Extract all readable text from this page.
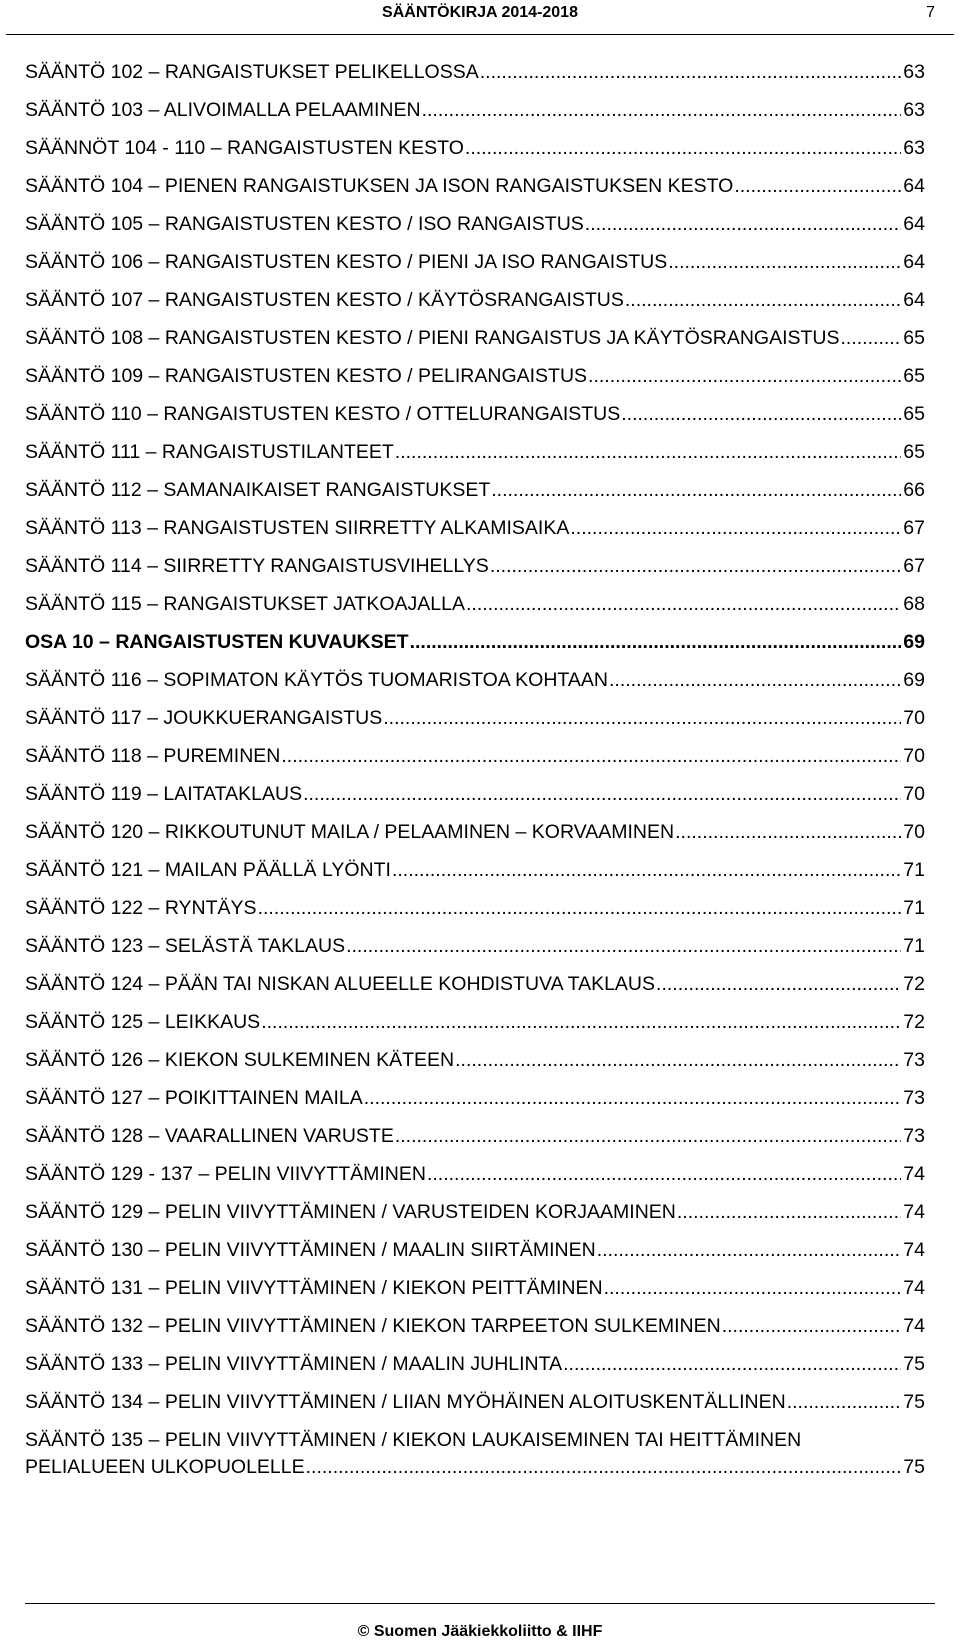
SÄÄNTÖKIRJA 2014-2018	7
SÄÄNTÖ 102 – RANGAISTUKSET PELIKELLOSSA .....	63
SÄÄNTÖ 103 – ALIVOIMALLA PELAAMINEN .....	63
SÄÄNNÖT 104 - 110 – RANGAISTUSTEN KESTO .....	63
SÄÄNTÖ 104 – PIENEN RANGAISTUKSEN JA ISON RANGAISTUKSEN KESTO .....	64
SÄÄNTÖ 105 – RANGAISTUSTEN KESTO / ISO RANGAISTUS .....	64
SÄÄNTÖ 106 – RANGAISTUSTEN KESTO / PIENI JA ISO RANGAISTUS .....	64
SÄÄNTÖ 107 – RANGAISTUSTEN KESTO / KÄYTÖSRANGAISTUS .....	64
SÄÄNTÖ 108 – RANGAISTUSTEN KESTO / PIENI RANGAISTUS JA KÄYTÖSRANGAISTUS .....	65
SÄÄNTÖ 109 – RANGAISTUSTEN KESTO / PELIRANGAISTUS .....	65
SÄÄNTÖ 110 – RANGAISTUSTEN KESTO / OTTELURANGAISTUS .....	65
SÄÄNTÖ 111 – RANGAISTUSTILANTEET .....	65
SÄÄNTÖ 112 – SAMANAIKAISET RANGAISTUKSET .....	66
SÄÄNTÖ 113 – RANGAISTUSTEN SIIRRETTY ALKAMISAIKA .....	67
SÄÄNTÖ 114 – SIIRRETTY RANGAISTUSVIHELLYS .....	67
SÄÄNTÖ 115 – RANGAISTUKSET JATKOAJALLA .....	68
OSA 10 – RANGAISTUSTEN KUVAUKSET .....	69
SÄÄNTÖ 116 – SOPIMATON KÄYTÖS TUOMARISTOA KOHTAAN .....	69
SÄÄNTÖ 117 – JOUKKUERANGAISTUS .....	70
SÄÄNTÖ 118 – PUREMINEN .....	70
SÄÄNTÖ 119 – LAITATAKLAUS .....	70
SÄÄNTÖ 120 – RIKKOUTUNUT MAILA / PELAAMINEN – KORVAAMINEN .....	70
SÄÄNTÖ 121 – MAILAN PÄÄLLÄ LYÖNTI .....	71
SÄÄNTÖ 122 – RYNTÄYS .....	71
SÄÄNTÖ 123 – SELÄSTÄ TAKLAUS .....	71
SÄÄNTÖ 124 – PÄÄN TAI NISKAN ALUEELLE KOHDISTUVA TAKLAUS .....	72
SÄÄNTÖ 125 – LEIKKAUS .....	72
SÄÄNTÖ 126 – KIEKON SULKEMINEN KÄTEEN .....	73
SÄÄNTÖ 127 – POIKITTAINEN MAILA .....	73
SÄÄNTÖ 128 – VAARALLINEN VARUSTE .....	73
SÄÄNTÖ 129 - 137 – PELIN VIIVYTTÄMINEN .....	74
SÄÄNTÖ 129 – PELIN VIIVYTTÄMINEN / VARUSTEIDEN KORJAAMINEN .....	74
SÄÄNTÖ 130 – PELIN VIIVYTTÄMINEN / MAALIN SIIRTÄMINEN .....	74
SÄÄNTÖ 131 – PELIN VIIVYTTÄMINEN / KIEKON PEITTÄMINEN .....	74
SÄÄNTÖ 132 – PELIN VIIVYTTÄMINEN / KIEKON TARPEETON SULKEMINEN .....	74
SÄÄNTÖ 133 – PELIN VIIVYTTÄMINEN / MAALIN JUHLINTA .....	75
SÄÄNTÖ 134 – PELIN VIIVYTTÄMINEN / LIIAN MYÖHÄINEN ALOITUSKENTÄLLINEN .....	75
SÄÄNTÖ 135 – PELIN VIIVYTTÄMINEN / KIEKON LAUKAISEMINEN TAI HEITTÄMINEN PELIALUEEN ULKOPUOLELLE .....	75
© Suomen Jääkiekkoliitto & IIHF
